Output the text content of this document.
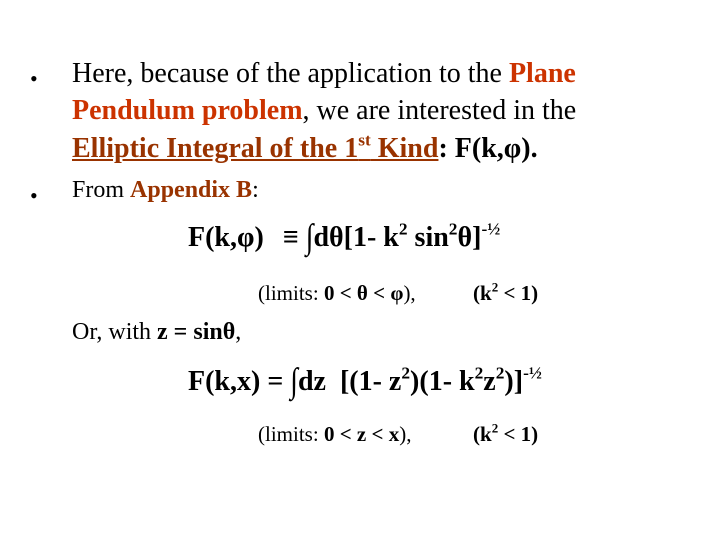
• Here, because of the application to the Plane
Pendulum problem, we are interested in the
Elliptic Integral of the 1st Kind: F(k,φ).
• From Appendix B:
F(k,φ) ≡ ∫dθ[1- $k^2$ $\sin^2\theta]^{-\frac{1}{2}}$
(limits: 0 < θ < φ),	$(k^2 < 1)$
Or, with z = sinθ,
F(k,x) = ∫dz  [(1- $z^2)(1-$ $k^2z^2)]^{-\frac{1}{2}}$
(limits: 0 < z < x),	$(k^2 < 1)$
